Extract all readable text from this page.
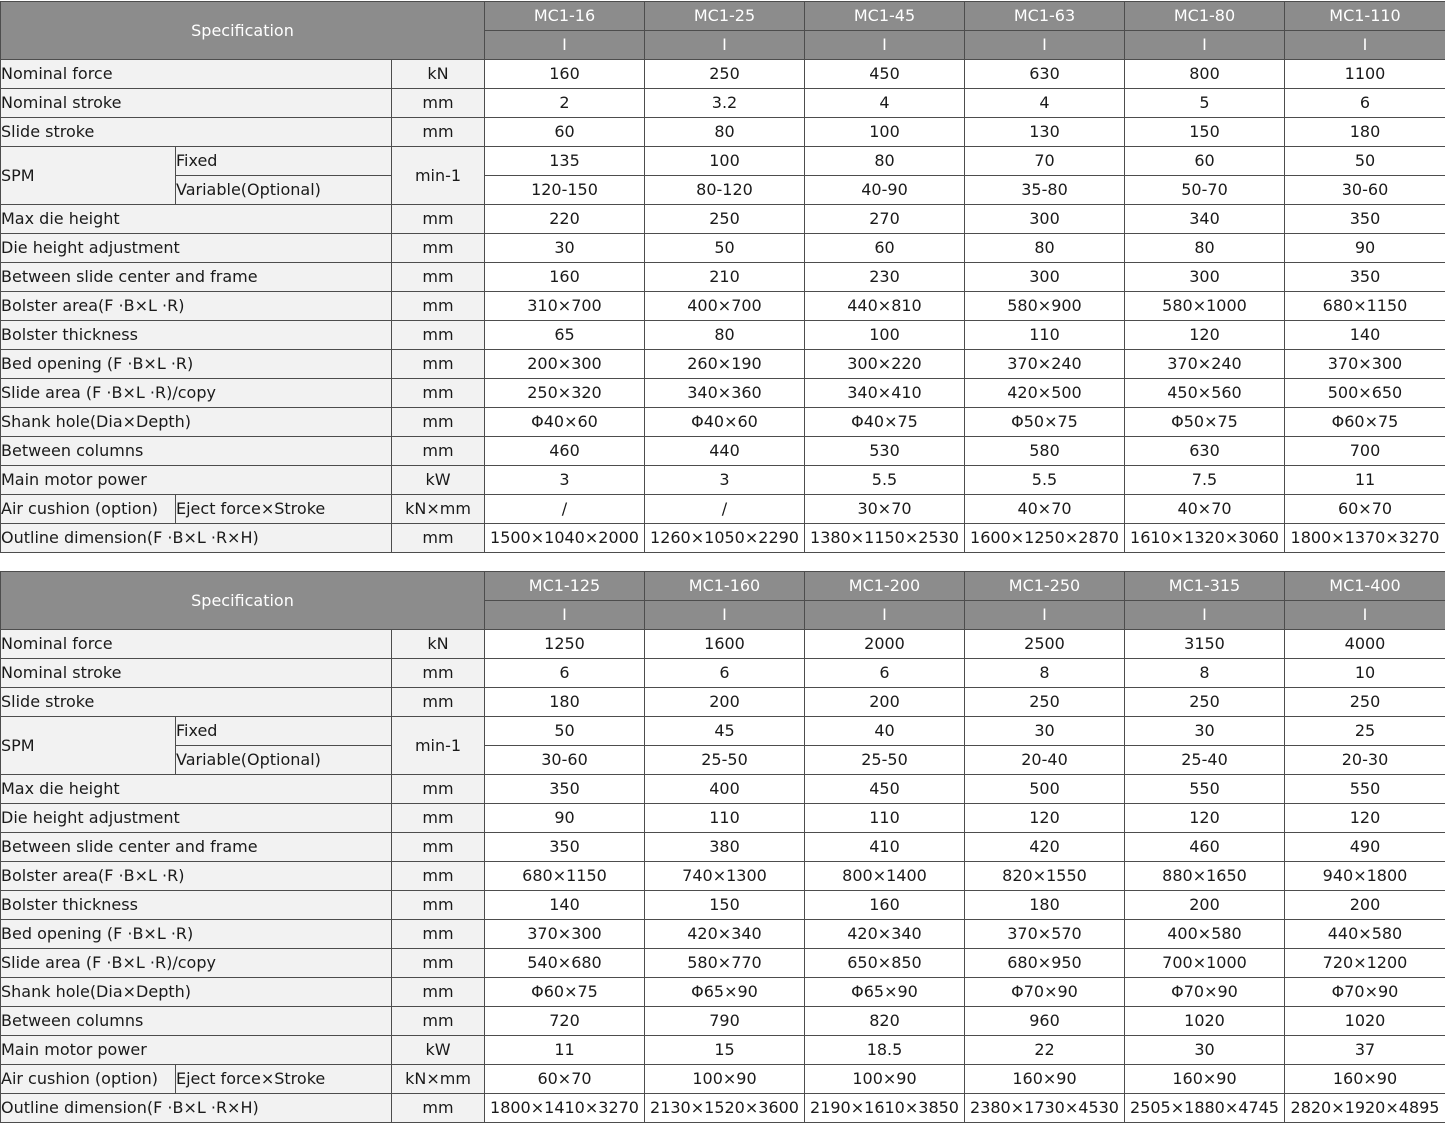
Specification			MC1-16	MC1-25	MC1-45	MC1-63	MC1-80	MC1-110
			I	I	I	I	I	I
Nominal force		kN	160	250	450	630	800	1100
Nominal stroke		mm	2	3.2	4	4	5	6
Slide stroke		mm	60	80	100	130	150	180
SPM	Fixed	min-1	135	100	80	70	60	50
	Variable(Optional)		120-150	80-120	40-90	35-80	50-70	30-60
Max die height		mm	220	250	270	300	340	350
Die height adjustment		mm	30	50	60	80	80	90
Between slide center and frame		mm	160	210	230	300	300	350
Bolster area(F ·B×L ·R)		mm	310×700	400×700	440×810	580×900	580×1000	680×1150
Bolster thickness		mm	65	80	100	110	120	140
Bed opening (F ·B×L ·R)		mm	200×300	260×190	300×220	370×240	370×240	370×300
Slide area (F ·B×L ·R)/copy		mm	250×320	340×360	340×410	420×500	450×560	500×650
Shank hole(Dia×Depth)		mm	Φ40×60	Φ40×60	Φ40×75	Φ50×75	Φ50×75	Φ60×75
Between columns		mm	460	440	530	580	630	700
Main motor power		kW	3	3	5.5	5.5	7.5	11
Air cushion (option)	Eject force×Stroke	kN×mm	/	/	30×70	40×70	40×70	60×70
Outline dimension(F ·B×L ·R×H)		mm	1500×1040×2000	1260×1050×2290	1380×1150×2530	1600×1250×2870	1610×1320×3060	1800×1370×3270
Specification			MC1-125	MC1-160	MC1-200	MC1-250	MC1-315	MC1-400
			I	I	I	I	I	I
Nominal force		kN	1250	1600	2000	2500	3150	4000
Nominal stroke		mm	6	6	6	8	8	10
Slide stroke		mm	180	200	200	250	250	250
SPM	Fixed	min-1	50	45	40	30	30	25
	Variable(Optional)		30-60	25-50	25-50	20-40	25-40	20-30
Max die height		mm	350	400	450	500	550	550
Die height adjustment		mm	90	110	110	120	120	120
Between slide center and frame		mm	350	380	410	420	460	490
Bolster area(F ·B×L ·R)		mm	680×1150	740×1300	800×1400	820×1550	880×1650	940×1800
Bolster thickness		mm	140	150	160	180	200	200
Bed opening (F ·B×L ·R)		mm	370×300	420×340	420×340	370×570	400×580	440×580
Slide area (F ·B×L ·R)/copy		mm	540×680	580×770	650×850	680×950	700×1000	720×1200
Shank hole(Dia×Depth)		mm	Φ60×75	Φ65×90	Φ65×90	Φ70×90	Φ70×90	Φ70×90
Between columns		mm	720	790	820	960	1020	1020
Main motor power		kW	11	15	18.5	22	30	37
Air cushion (option)	Eject force×Stroke	kN×mm	60×70	100×90	100×90	160×90	160×90	160×90
Outline dimension(F ·B×L ·R×H)		mm	1800×1410×3270	2130×1520×3600	2190×1610×3850	2380×1730×4530	2505×1880×4745	2820×1920×4895
